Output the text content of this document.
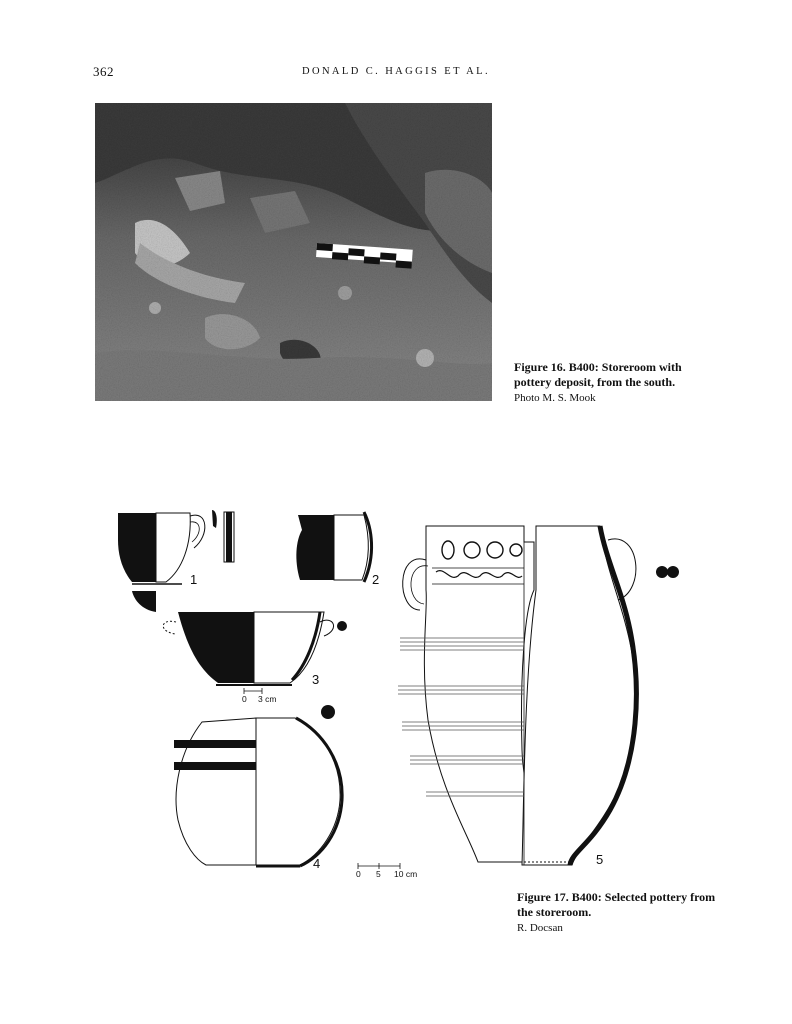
362	DONALD C. HAGGIS ET AL.
Figure 16. B400: Storeroom with pottery deposit, from the south.
Photo M. S. Mook
1	2
3
4	5
0 3 cm
0 5 10 cm
Figure 17. B400: Selected pottery from the storeroom.
R. Docsan
